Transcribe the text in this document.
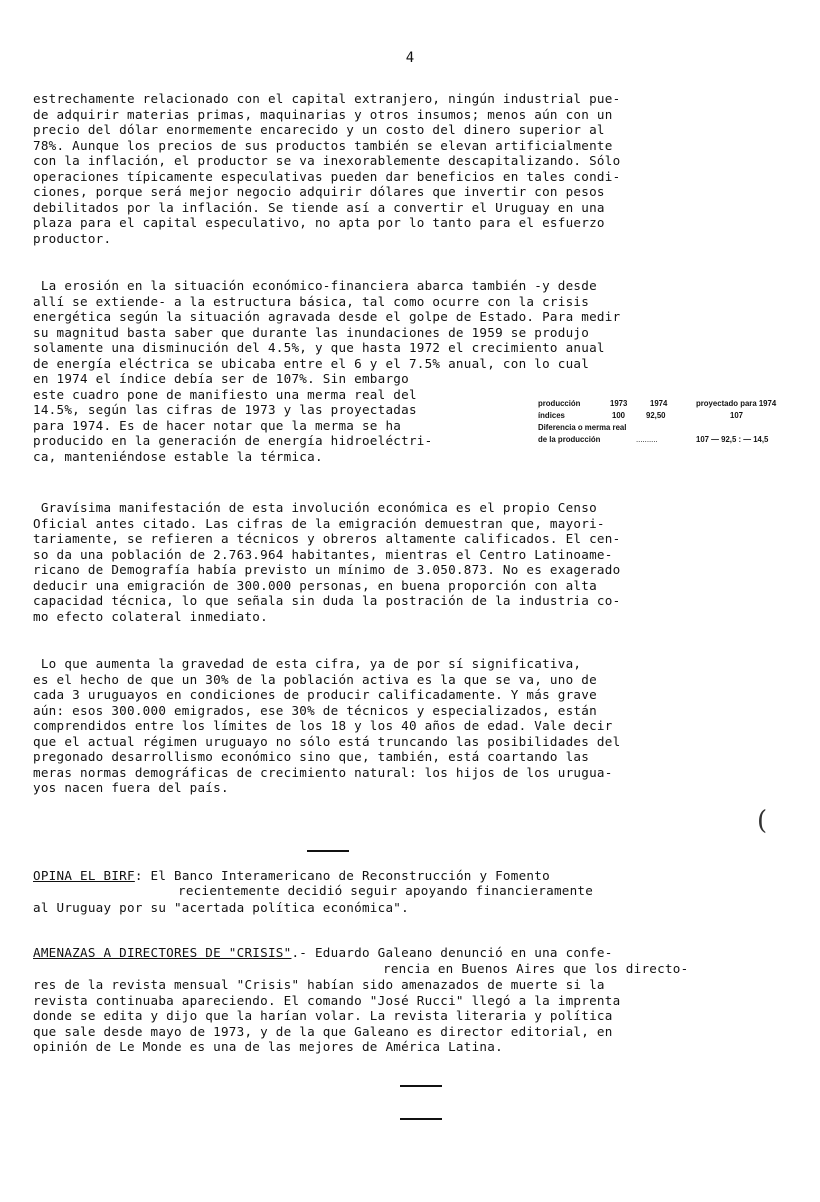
4
estrechamente relacionado con el capital extranjero, ningún industrial pue-
de adquirir materias primas, maquinarias y otros insumos; menos aún con un
precio del dólar enormemente encarecido y un costo del dinero superior al
78%. Aunque los precios de sus productos también se elevan artificialmente
con la inflación, el productor se va inexorablemente descapitalizando. Sólo
operaciones típicamente especulativas pueden dar beneficios en tales condi-
ciones, porque será mejor negocio adquirir dólares que invertir con pesos
debilitados por la inflación. Se tiende así a convertir el Uruguay en una
plaza para el capital especulativo, no apta por lo tanto para el esfuerzo
productor.
La erosión en la situación económico-financiera abarca también -y desde
allí se extiende- a la estructura básica, tal como ocurre con la crisis
energética según la situación agravada desde el golpe de Estado. Para medir
su magnitud basta saber que durante las inundaciones de 1959 se produjo
solamente una disminución del 4.5%, y que hasta 1972 el crecimiento anual
de energía eléctrica se ubicaba entre el 6 y el 7.5% anual, con lo cual
en 1974 el índice debía ser de 107%. Sin embargo
este cuadro pone de manifiesto una merma real del
14.5%, según las cifras de 1973 y las proyectadas
para 1974. Es de hacer notar que la merma se ha
producido en la generación de energía hidroeléctri-
ca, manteniéndose estable la térmica.
producción	1973	1974	proyectado para 1974
índices	100	92,50	107
Diferencia o merma real
de la producción	..........	107 — 92,5 : — 14,5
Gravísima manifestación de esta involución económica es el propio Censo
Oficial antes citado. Las cifras de la emigración demuestran que, mayori-
tariamente, se refieren a técnicos y obreros altamente calificados. El cen-
so da una población de 2.763.964 habitantes, mientras el Centro Latinoame-
ricano de Demografía había previsto un mínimo de 3.050.873. No es exagerado
deducir una emigración de 300.000 personas, en buena proporción con alta
capacidad técnica, lo que señala sin duda la postración de la industria co-
mo efecto colateral inmediato.
Lo que aumenta la gravedad de esta cifra, ya de por sí significativa,
es el hecho de que un 30% de la población activa es la que se va, uno de
cada 3 uruguayos en condiciones de producir calificadamente. Y más grave
aún: esos 300.000 emigrados, ese 30% de técnicos y especializados, están
comprendidos entre los límites de los 18 y los 40 años de edad. Vale decir
que el actual régimen uruguayo no sólo está truncando las posibilidades del
pregonado desarrollismo económico sino que, también, está coartando las
meras normas demográficas de crecimiento natural: los hijos de los urugua-
yos nacen fuera del país.
(
OPINA EL BIRF: El Banco Interamericano de Reconstrucción y Fomento
recientemente decidió seguir apoyando financieramente
al Uruguay por su "acertada política económica".
AMENAZAS A DIRECTORES DE "CRISIS".- Eduardo Galeano denunció en una confe-
rencia en Buenos Aires que los directo-
res de la revista mensual "Crisis" habían sido amenazados de muerte si la
revista continuaba apareciendo. El comando "José Rucci" llegó a la imprenta
donde se edita y dijo que la harían volar. La revista literaria y política
que sale desde mayo de 1973, y de la que Galeano es director editorial, en
opinión de Le Monde es una de las mejores de América Latina.
